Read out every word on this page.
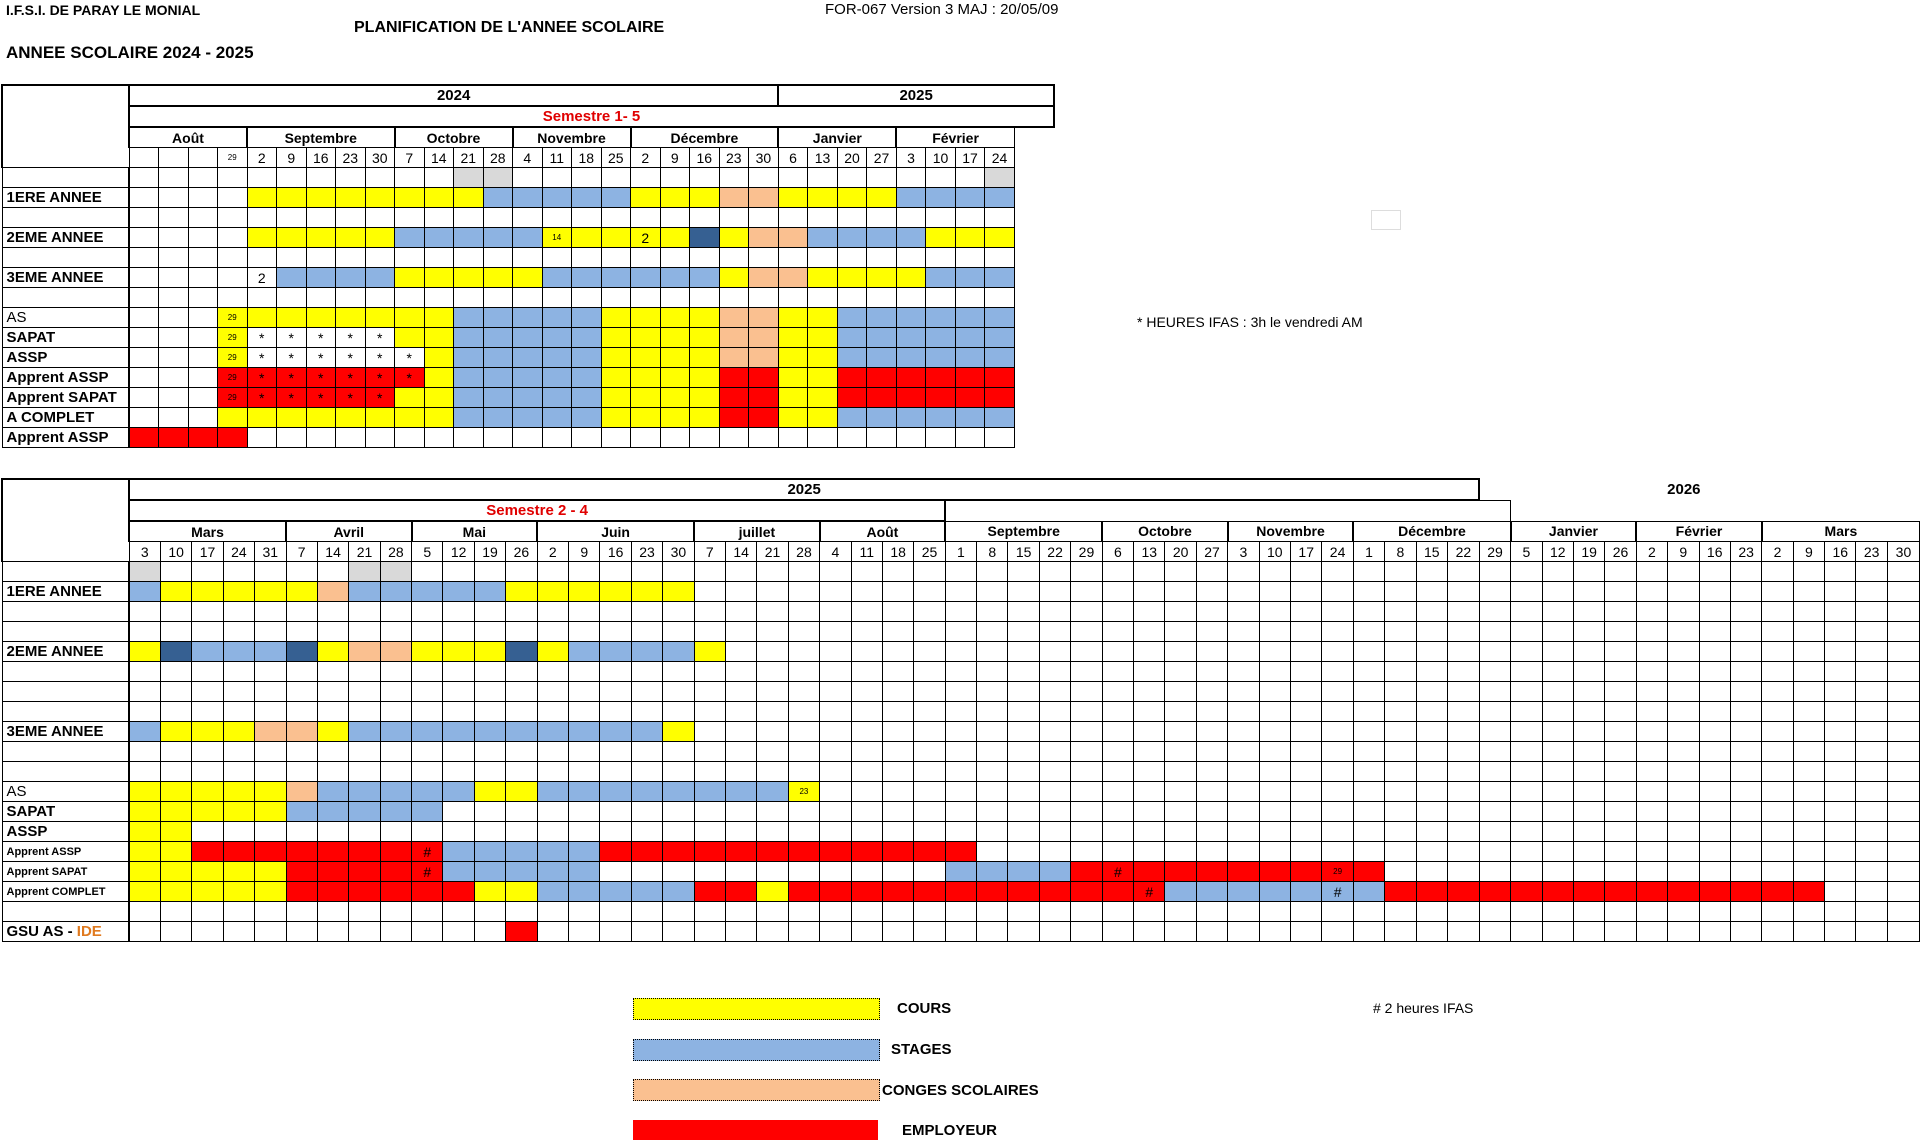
I.F.S.I. DE PARAY LE MONIAL	FOR-067 Version 3 MAJ : 20/05/09
PLANIFICATION DE L'ANNEE SCOLAIRE
ANNEE SCOLAIRE 2024 - 2025
* HEURES IFAS : 3h le vendredi AM
# 2 heures IFAS
	2024																						2025							
	Semestre 1- 5																													
	Août				Septembre					Octobre				Novembre				Décembre					Janvier				Février			
				29	2	9	16	23	30	7	14	21	28	4	11	18	25	2	9	16	23	30	6	13	20	27	3	10	17	24

1ERE ANNEE																														

2EME ANNEE															14			2												

3EME ANNEE					2																									

AS				29																										
SAPAT				29	*	*	*	*	*																					
ASSP				29	*	*	*	*	*	*																				
Apprent ASSP				29	*	*	*	*	*	*																				
Apprent SAPAT				29	*	*	*	*	*																					
A COMPLET																														
Apprent ASSP																														
	2025																																											2026													
	Semestre 2 - 4																																																								
	Mars					Avril				Mai				Juin					juillet				Août				Septembre					Octobre				Novembre				Décembre					Janvier				Février				Mars				
	3	10	17	24	31	7	14	21	28	5	12	19	26	2	9	16	23	30	7	14	21	28	4	11	18	25	1	8	15	22	29	6	13	20	27	3	10	17	24	1	8	15	22	29	5	12	19	26	2	9	16	23	2	9	16	23	30

1ERE ANNEE																																																									

2EME ANNEE																																																									

3EME ANNEE																																																									

AS																						23																																			
SAPAT																																																									
ASSP																																																									
Apprent ASSP										#																																															
Apprent SAPAT										#																						#							29																		
Apprent COMPLET																																	#						#																		

GSU AS - IDE																																																									
COURS
STAGES
CONGES SCOLAIRES
EMPLOYEUR
